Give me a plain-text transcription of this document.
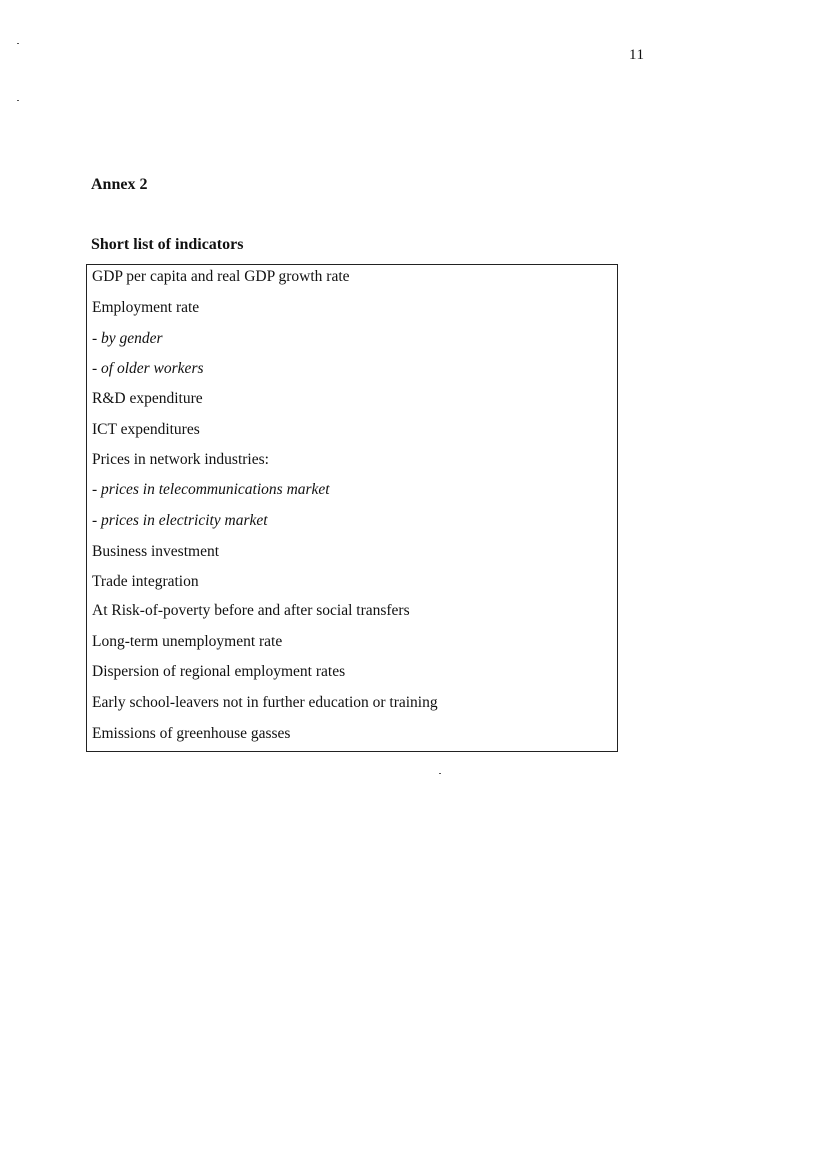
11
Annex 2
Short list of indicators
GDP per capita and real GDP growth rate
Employment rate
- by gender
- of older workers
R&D expenditure
ICT expenditures
Prices in network industries:
- prices in telecommunications market
- prices in electricity market
Business investment
Trade integration
At Risk-of-poverty before and after social transfers
Long-term unemployment rate
Dispersion of regional employment rates
Early school-leavers not in further education or training
Emissions of greenhouse gasses
